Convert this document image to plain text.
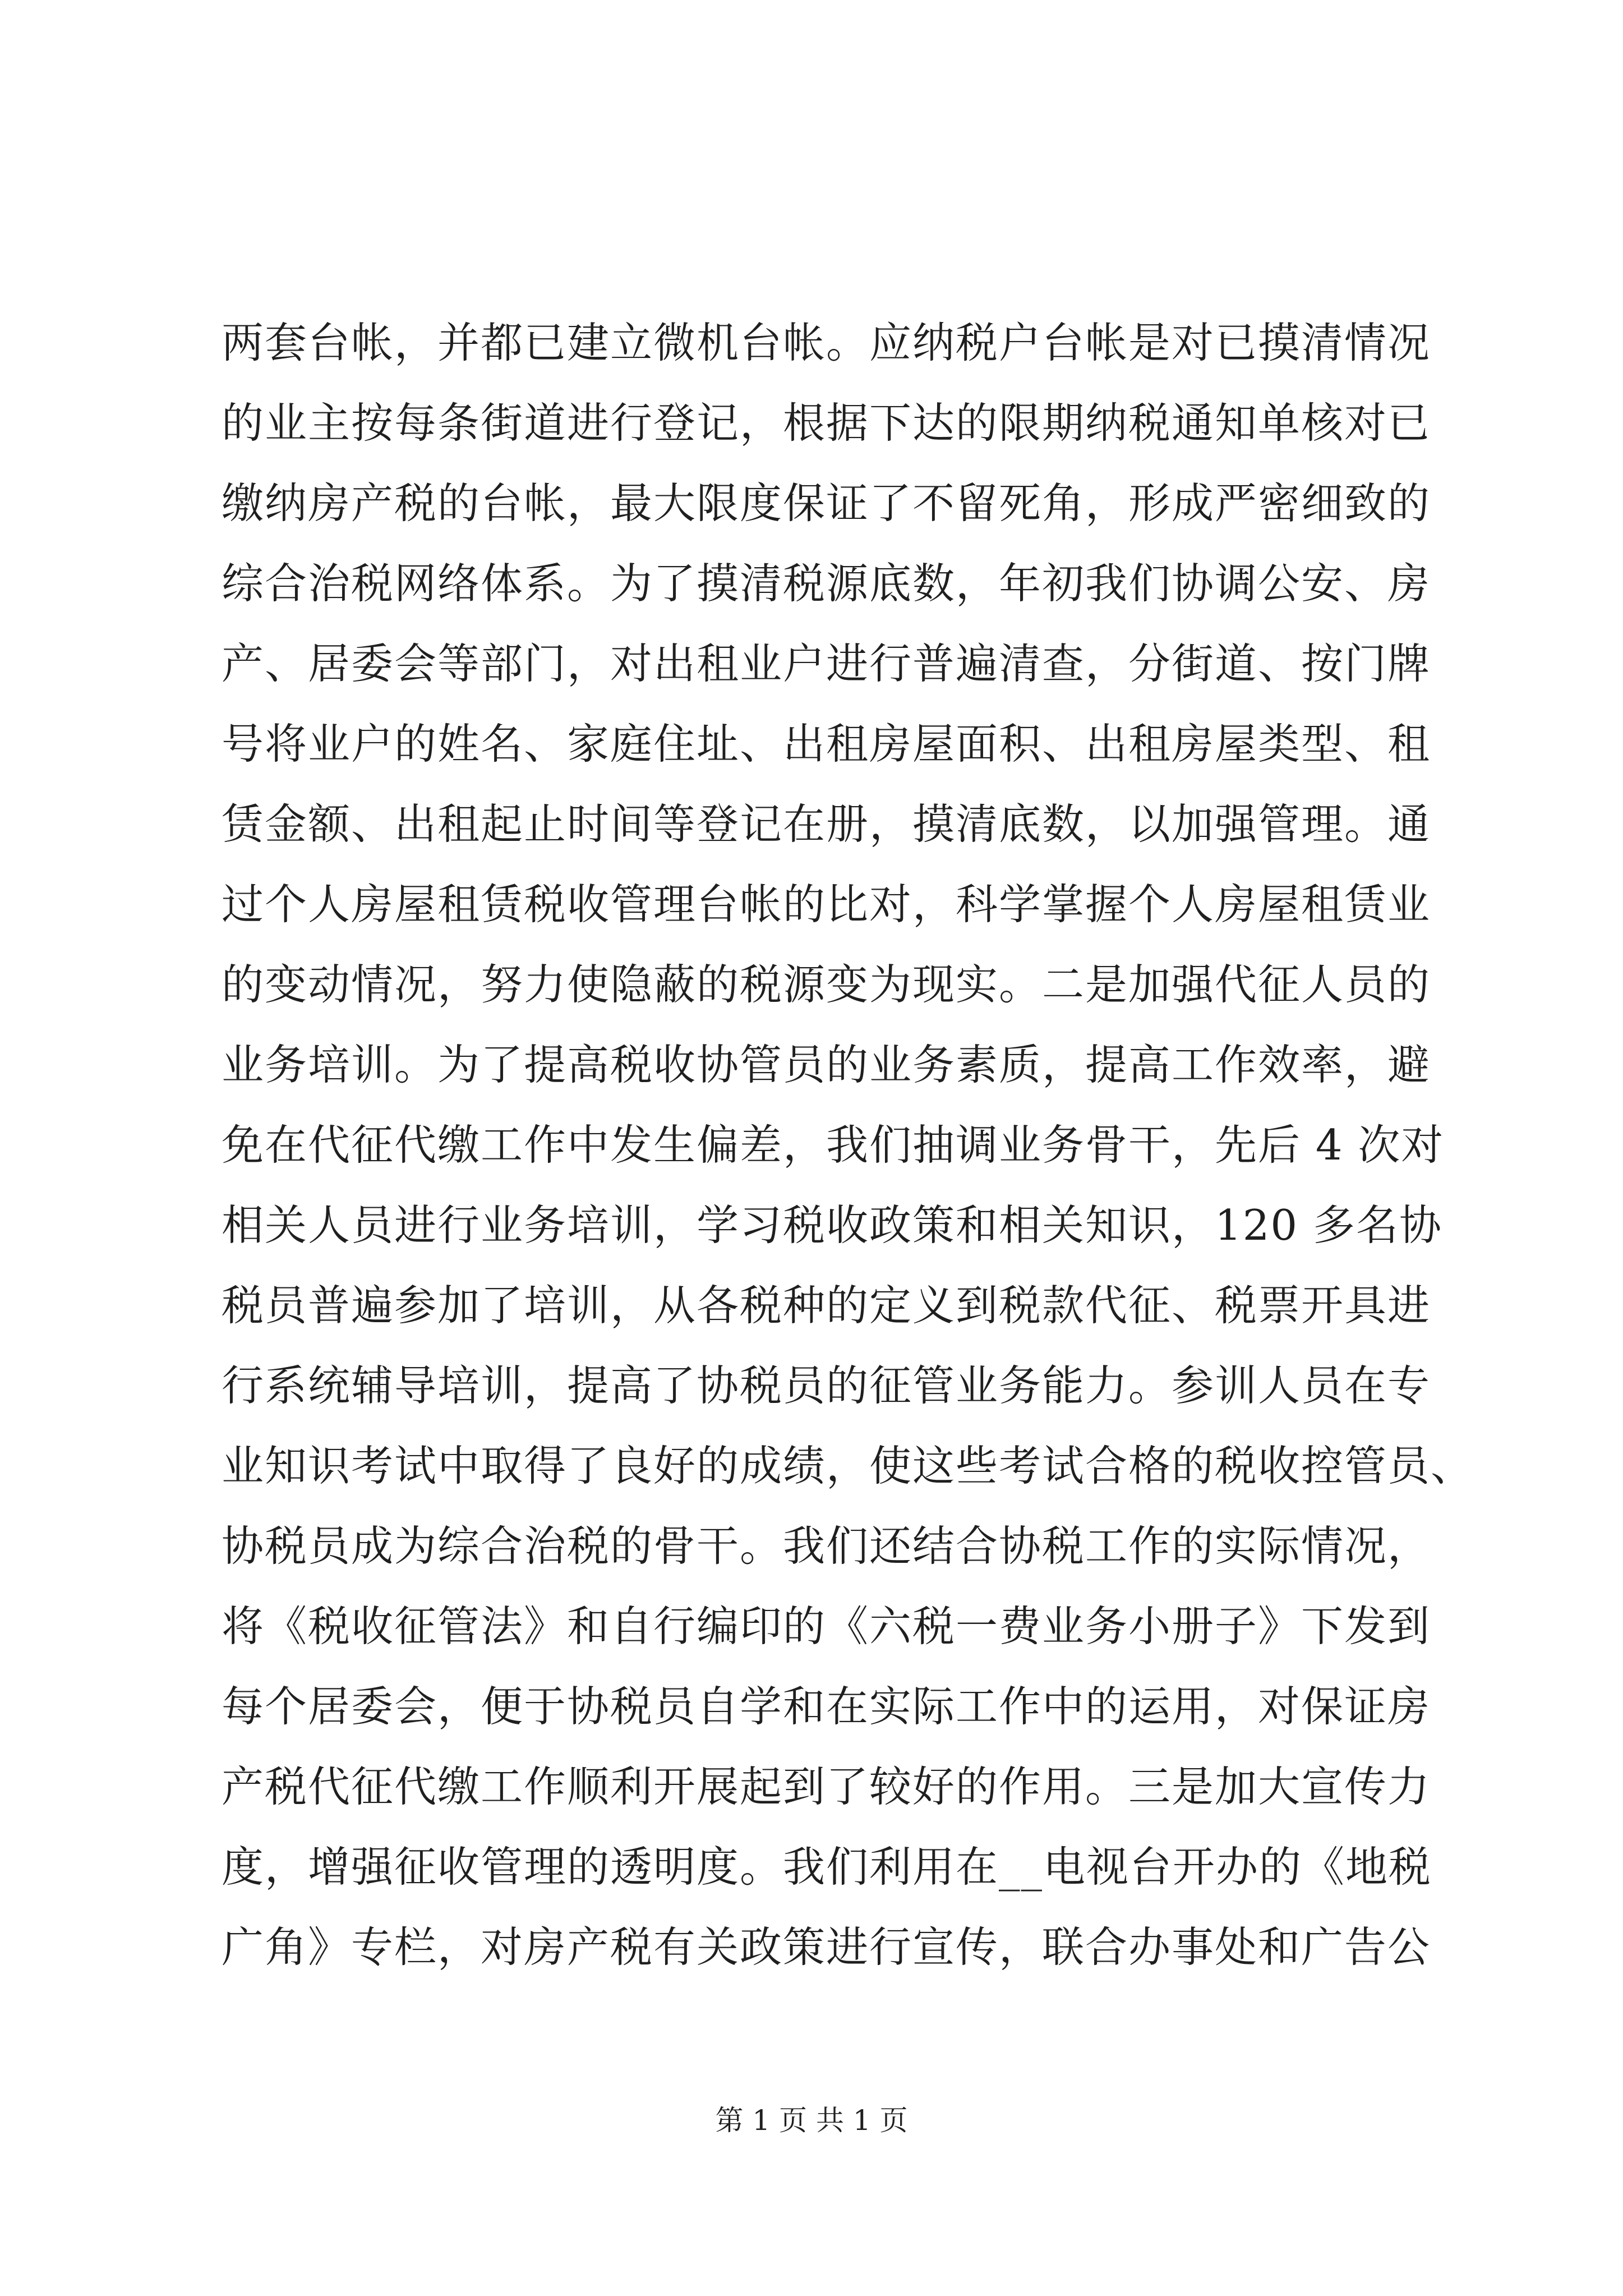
两套台帐，并都已建立微机台帐。应纳税户台帐是对已摸清情况
的业主按每条街道进行登记，根据下达的限期纳税通知单核对已
缴纳房产税的台帐，最大限度保证了不留死角，形成严密细致的
综合治税网络体系。为了摸清税源底数，年初我们协调公安、房
产、居委会等部门，对出租业户进行普遍清查，分街道、按门牌
号将业户的姓名、家庭住址、出租房屋面积、出租房屋类型、租
赁金额、出租起止时间等登记在册，摸清底数，以加强管理。通
过个人房屋租赁税收管理台帐的比对，科学掌握个人房屋租赁业
的变动情况，努力使隐蔽的税源变为现实。二是加强代征人员的
业务培训。为了提高税收协管员的业务素质，提高工作效率，避
免在代征代缴工作中发生偏差，我们抽调业务骨干，先后 4 次对
相关人员进行业务培训，学习税收政策和相关知识，120 多名协
税员普遍参加了培训，从各税种的定义到税款代征、税票开具进
行系统辅导培训，提高了协税员的征管业务能力。参训人员在专
业知识考试中取得了良好的成绩，使这些考试合格的税收控管员、
协税员成为综合治税的骨干。我们还结合协税工作的实际情况，
将《税收征管法》和自行编印的《六税一费业务小册子》下发到
每个居委会，便于协税员自学和在实际工作中的运用，对保证房
产税代征代缴工作顺利开展起到了较好的作用。三是加大宣传力
度，增强征收管理的透明度。我们利用在__电视台开办的《地税
广角》专栏，对房产税有关政策进行宣传，联合办事处和广告公
第 1 页 共 1 页
